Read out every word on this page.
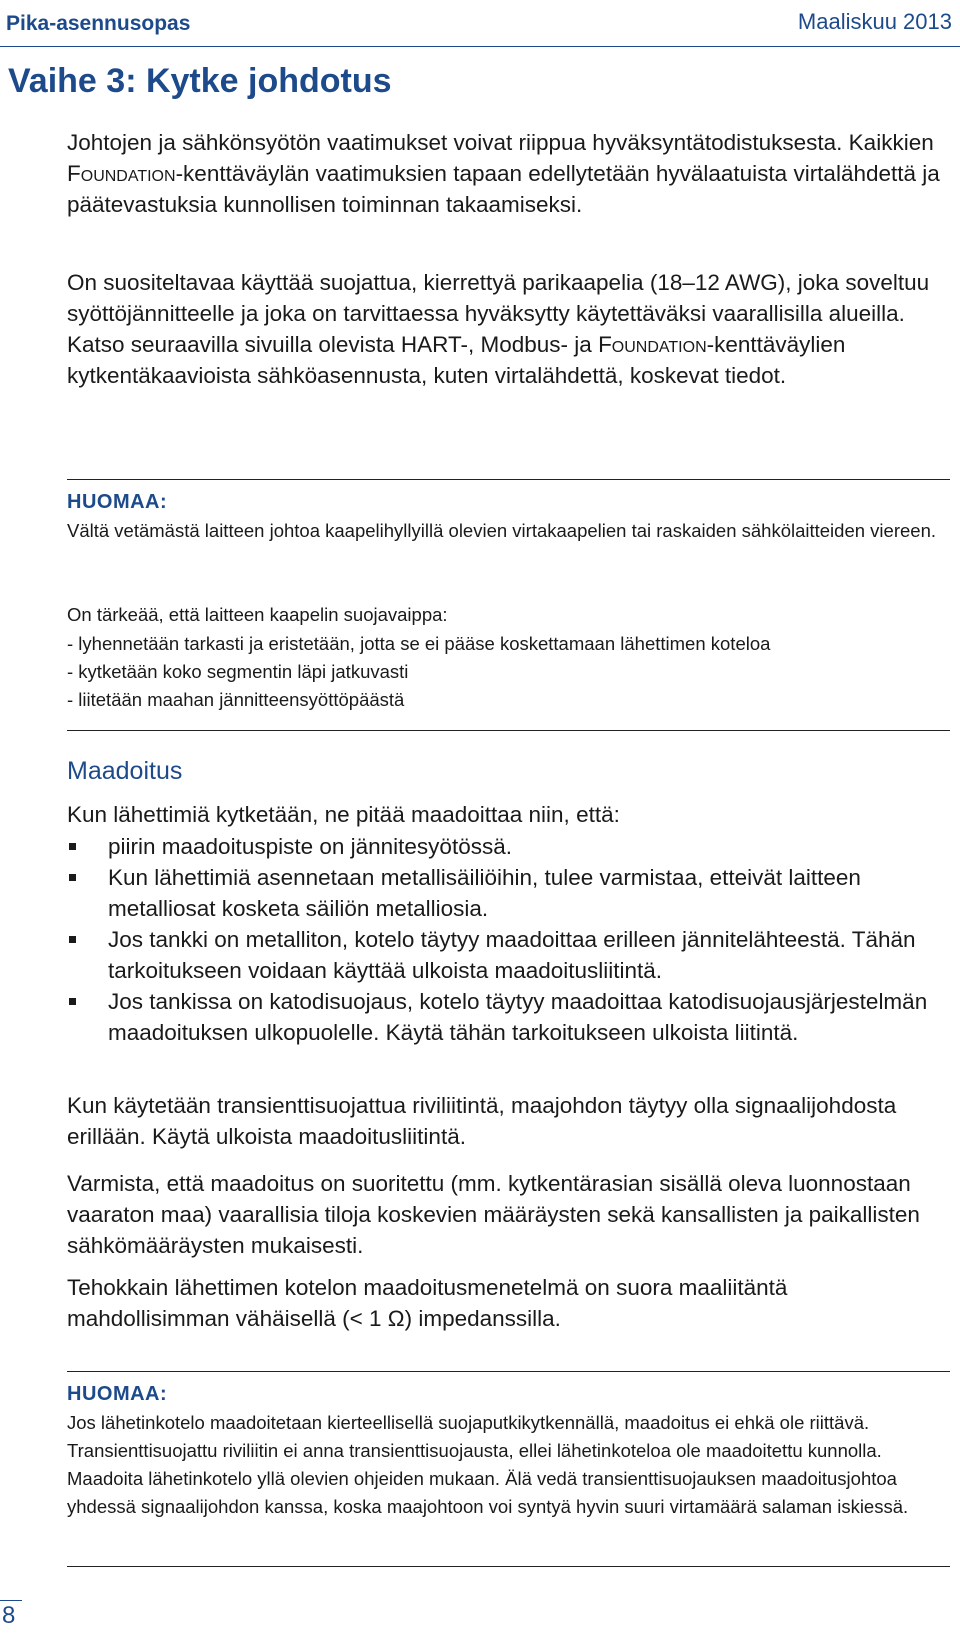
Pika-asennusopas	Maaliskuu 2013
Vaihe 3: Kytke johdotus

Johtojen ja sähkönsyötön vaatimukset voivat riippua hyväksyntätodistuksesta. Kaikkien Foundation-kenttäväylän vaatimuksien tapaan edellytetään hyvälaatuista virtalähdettä ja päätevastuksia kunnollisen toiminnan takaamiseksi.

On suositeltavaa käyttää suojattua, kierrettyä parikaapelia (18–12 AWG), joka soveltuu syöttöjännitteelle ja joka on tarvittaessa hyväksytty käytettäväksi vaarallisilla alueilla. Katso seuraavilla sivuilla olevista HART-, Modbus- ja Foundation-kenttäväylien kytkentäkaavioista sähköasennusta, kuten virtalähdettä, koskevat tiedot.

HUOMAA:

Vältä vetämästä laitteen johtoa kaapelihyllyillä olevien virtakaapelien tai raskaiden sähkölaitteiden viereen.

On tärkeää, että laitteen kaapelin suojavaippa:

- lyhennetään tarkasti ja eristetään, jotta se ei pääse koskettamaan lähettimen koteloa

- kytketään koko segmentin läpi jatkuvasti

- liitetään maahan jännitteensyöttöpäästä

Maadoitus

Kun lähettimiä kytketään, ne pitää maadoittaa niin, että:

piirin maadoituspiste on jännitesyötössä.
Kun lähettimiä asennetaan metallisäiliöihin, tulee varmistaa, etteivät laitteen metalliosat kosketa säiliön metalliosia.
Jos tankki on metalliton, kotelo täytyy maadoittaa erilleen jännitelähteestä. Tähän tarkoitukseen voidaan käyttää ulkoista maadoitusliitintä.
Jos tankissa on katodisuojaus, kotelo täytyy maadoittaa katodisuojausjärjestelmän maadoituksen ulkopuolelle. Käytä tähän tarkoitukseen ulkoista liitintä.

Kun käytetään transienttisuojattua riviliitintä, maajohdon täytyy olla signaalijohdosta erillään. Käytä ulkoista maadoitusliitintä.

Varmista, että maadoitus on suoritettu (mm. kytkentärasian sisällä oleva luonnostaan vaaraton maa) vaarallisia tiloja koskevien määräysten sekä kansallisten ja paikallisten sähkömääräysten mukaisesti.

Tehokkain lähettimen kotelon maadoitusmenetelmä on suora maaliitäntä mahdollisimman vähäisellä (< 1 Ω) impedanssilla.

HUOMAA:

Jos lähetinkotelo maadoitetaan kierteellisellä suojaputkikytkennällä, maadoitus ei ehkä ole riittävä. Transienttisuojattu riviliitin ei anna transienttisuojausta, ellei lähetinkoteloa ole maadoitettu kunnolla. Maadoita lähetinkotelo yllä olevien ohjeiden mukaan. Älä vedä transienttisuojauksen maadoitusjohtoa yhdessä signaalijohdon kanssa, koska maajohtoon voi syntyä hyvin suuri virtamäärä salaman iskiessä.

8
